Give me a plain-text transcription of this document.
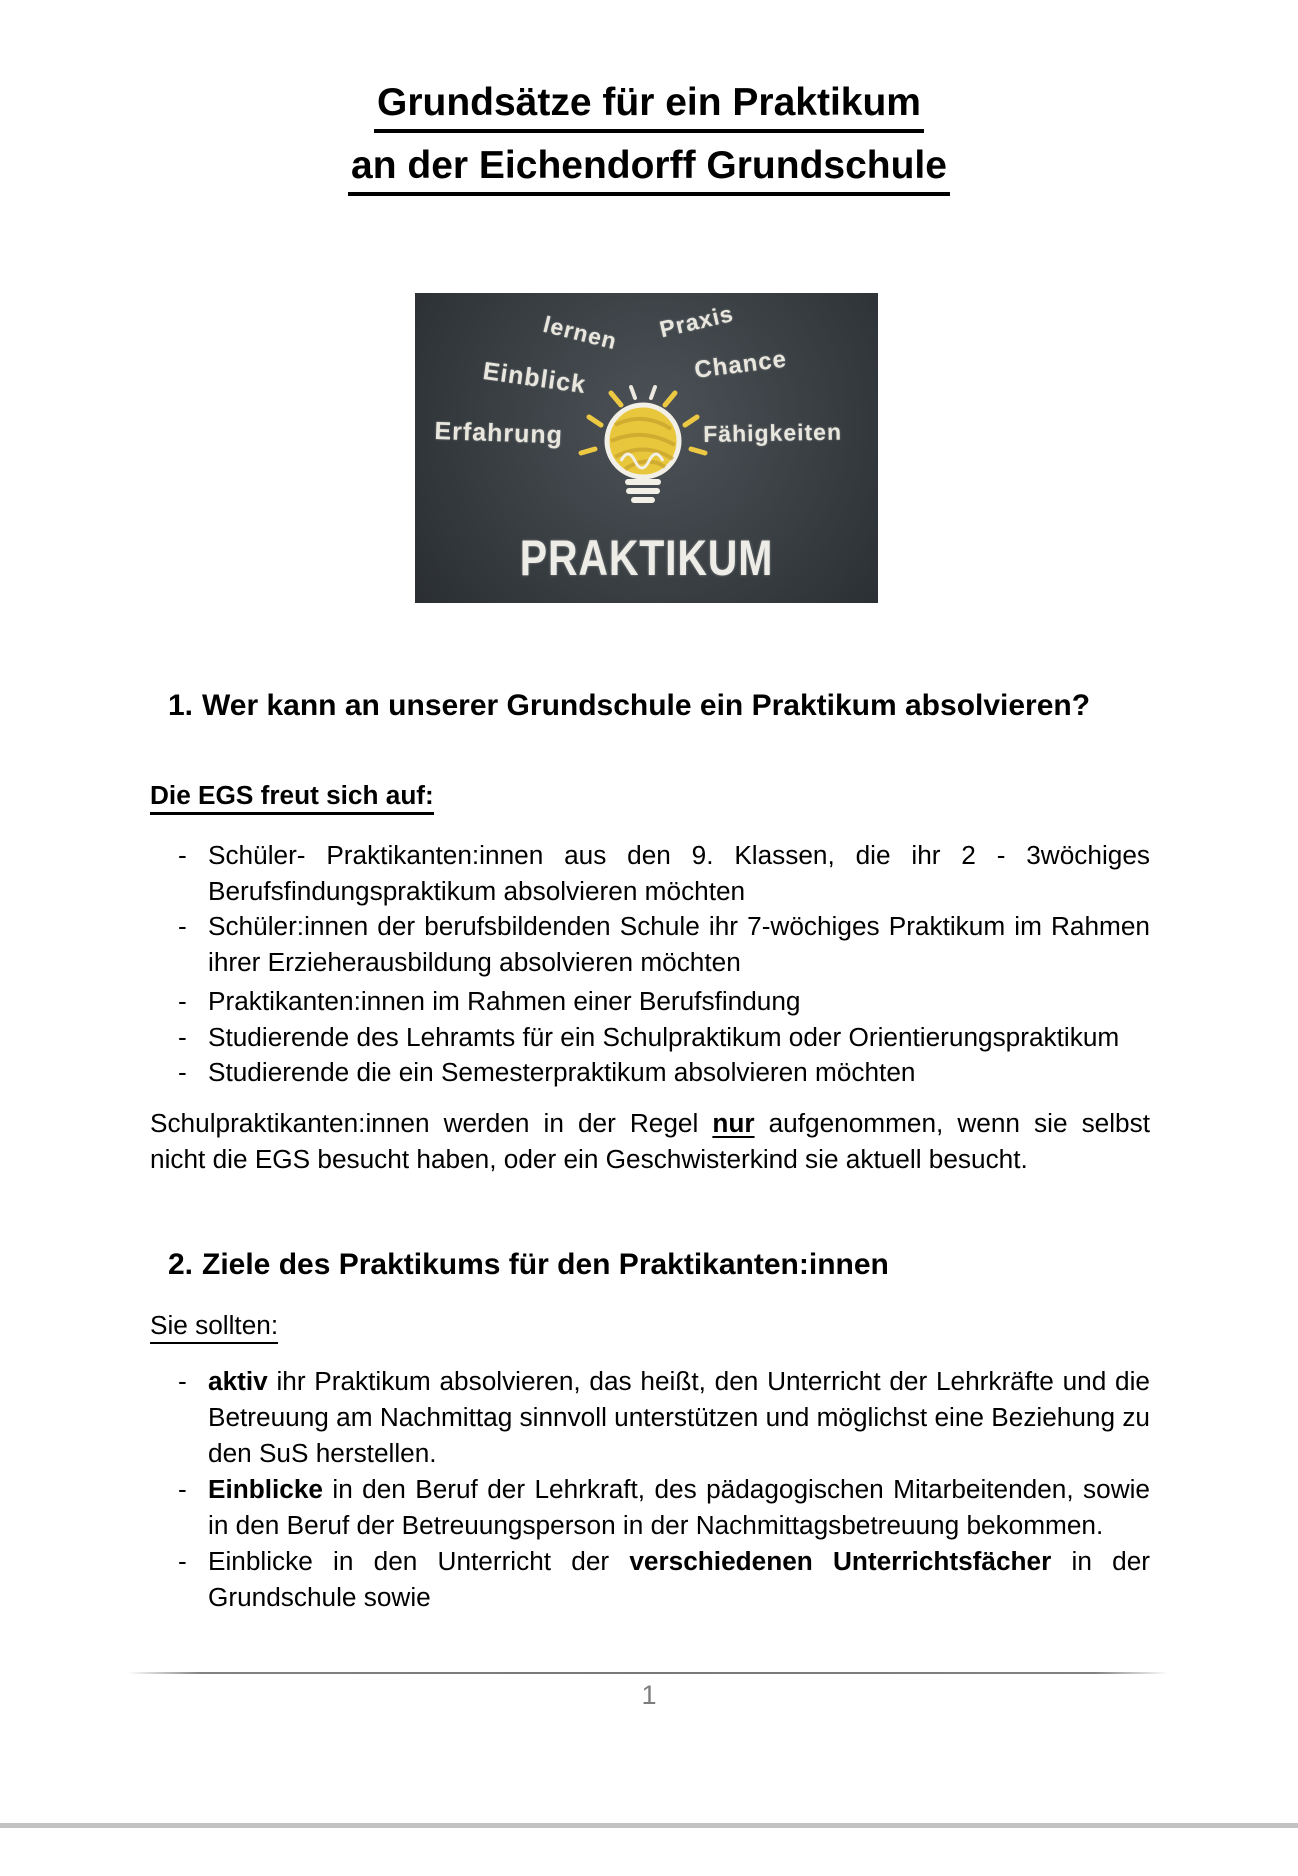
Grundsätze für ein Praktikum
an der Eichendorff Grundschule
lernen Praxis
Einblick	Chance
Erfahrung	Fähigkeiten
PRAKTIKUM
1. Wer kann an unserer Grundschule ein Praktikum absolvieren?
Die EGS freut sich auf:
- Schüler- Praktikanten:innen aus den 9. Klassen, die ihr 2 - 3wöchiges Berufsfindungspraktikum absolvieren möchten
- Schüler:innen der berufsbildenden Schule ihr 7-wöchiges Praktikum im Rahmen ihrer Erzieherausbildung absolvieren möchten
- Praktikanten:innen im Rahmen einer Berufsfindung
- Studierende des Lehramts für ein Schulpraktikum oder Orientierungspraktikum
- Studierende die ein Semesterpraktikum absolvieren möchten

Schulpraktikanten:innen werden in der Regel nur aufgenommen, wenn sie selbst nicht die EGS besucht haben, oder ein Geschwisterkind sie aktuell besucht.

2. Ziele des Praktikums für den Praktikanten:innen
Sie sollten:
- aktiv ihr Praktikum absolvieren, das heißt, den Unterricht der Lehrkräfte und die Betreuung am Nachmittag sinnvoll unterstützen und möglichst eine Beziehung zu den SuS herstellen.
- Einblicke in den Beruf der Lehrkraft, des pädagogischen Mitarbeitenden, sowie in den Beruf der Betreuungsperson in der Nachmittagsbetreuung bekommen.
- Einblicke in den Unterricht der verschiedenen Unterrichtsfächer in der Grundschule sowie
1
